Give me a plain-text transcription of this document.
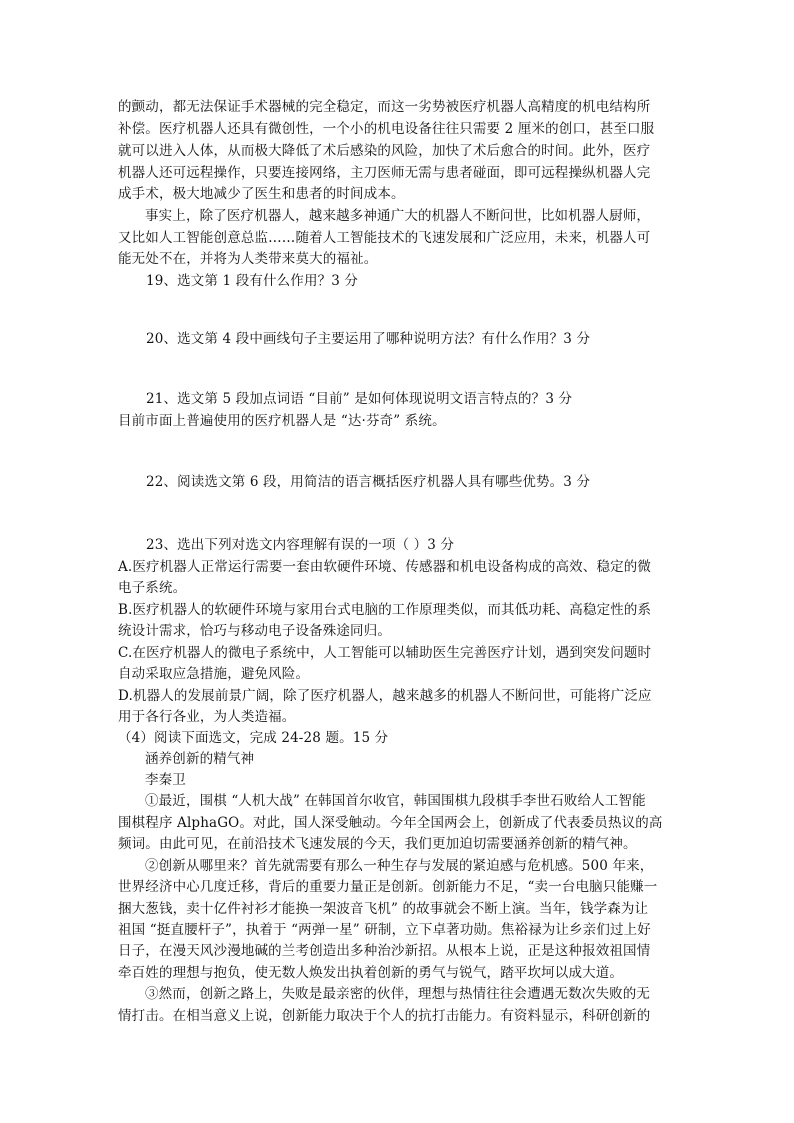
的颤动，都无法保证手术器械的完全稳定，而这一劣势被医疗机器人高精度的机电结构所
补偿。医疗机器人还具有微创性，一个小的机电设备往往只需要 2 厘米的创口，甚至口服
就可以进入人体，从而极大降低了术后感染的风险，加快了术后愈合的时间。此外，医疗
机器人还可远程操作，只要连接网络，主刀医师无需与患者碰面，即可远程操纵机器人完
成手术，极大地减少了医生和患者的时间成本。
事实上，除了医疗机器人，越来越多神通广大的机器人不断问世，比如机器人厨师，
又比如人工智能创意总监……随着人工智能技术的飞速发展和广泛应用，未来，机器人可
能无处不在，并将为人类带来莫大的福祉。
19、选文第 1 段有什么作用？3 分
20、选文第 4 段中画线句子主要运用了哪种说明方法？有什么作用？3 分
21、选文第 5 段加点词语 “目前” 是如何体现说明文语言特点的？3 分
目前市面上普遍使用的医疗机器人是 “达·芬奇” 系统。
22、阅读选文第 6 段，用简洁的语言概括医疗机器人具有哪些优势。3 分
23、选出下列对选文内容理解有误的一项（ ）3 分
A.医疗机器人正常运行需要一套由软硬件环境、传感器和机电设备构成的高效、稳定的微
电子系统。
B.医疗机器人的软硬件环境与家用台式电脑的工作原理类似，而其低功耗、高稳定性的系
统设计需求，恰巧与移动电子设备殊途同归。
C.在医疗机器人的微电子系统中，人工智能可以辅助医生完善医疗计划，遇到突发问题时
自动采取应急措施，避免风险。
D.机器人的发展前景广阔，除了医疗机器人，越来越多的机器人不断问世，可能将广泛应
用于各行各业，为人类造福。
（4）阅读下面选文，完成 24-28 题。15 分
涵养创新的精气神
李秦卫
①最近，围棋 “人机大战” 在韩国首尔收官，韩国围棋九段棋手李世石败给人工智能
围棋程序 AlphaGO。对此，国人深受触动。今年全国两会上，创新成了代表委员热议的高
频词。由此可见，在前沿技术飞速发展的今天，我们更加迫切需要涵养创新的精气神。
②创新从哪里来？首先就需要有那么一种生存与发展的紧迫感与危机感。500 年来，
世界经济中心几度迁移，背后的重要力量正是创新。创新能力不足，“卖一台电脑只能赚一
捆大葱钱，卖十亿件衬衫才能换一架波音飞机” 的故事就会不断上演。当年，钱学森为让
祖国 “挺直腰杆子”，执着于 “两弹一星” 研制，立下卓著功勋。焦裕禄为让乡亲们过上好
日子，在漫天风沙漫地碱的兰考创造出多种治沙新招。从根本上说，正是这种报效祖国情
牵百姓的理想与抱负，使无数人焕发出执着创新的勇气与锐气，踏平坎坷以成大道。
③然而，创新之路上，失败是最亲密的伙伴，理想与热情往往会遭遇无数次失败的无
情打击。在相当意义上说，创新能力取决于个人的抗打击能力。有资料显示，科研创新的
